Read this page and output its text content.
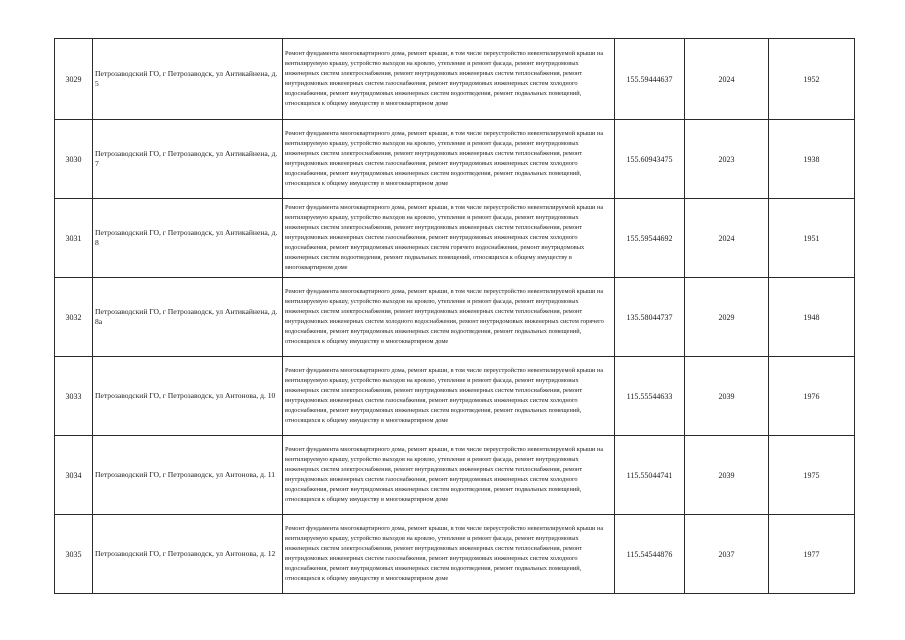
3029	Петрозаводский ГО, г Петрозаводск, ул Антикайнена, д. 5	Ремонт фундамента многоквартирного дома, ремонт крыши, в том числе переустройство невентилируемой крыши на вентилируемую крышу, устройство выходов на кровлю, утепление и ремонт фасада, ремонт внутридомовых инженерных систем электроснабжения, ремонт внутридомовых инженерных систем теплоснабжения, ремонт внутридомовых инженерных систем газоснабжения, ремонт внутридомовых инженерных систем холодного водоснабжения, ремонт внутридомовых инженерных систем водоотведения, ремонт подвальных помещений, относящихся к общему имуществу в многоквартирном доме	155.59444637	2024	1952
3030	Петрозаводский ГО, г Петрозаводск, ул Антикайнена, д. 7	Ремонт фундамента многоквартирного дома, ремонт крыши, в том числе переустройство невентилируемой крыши на вентилируемую крышу, устройство выходов на кровлю, утепление и ремонт фасада, ремонт внутридомовых инженерных систем электроснабжения, ремонт внутридомовых инженерных систем теплоснабжения, ремонт внутридомовых инженерных систем газоснабжения, ремонт внутридомовых инженерных систем холодного водоснабжения, ремонт внутридомовых инженерных систем водоотведения, ремонт подвальных помещений, относящихся к общему имуществу в многоквартирном доме	155.60943475	2023	1938
3031	Петрозаводский ГО, г Петрозаводск, ул Антикайнена, д. 8	Ремонт фундамента многоквартирного дома, ремонт крыши, в том числе переустройство невентилируемой крыши на вентилируемую крышу, устройство выходов на кровлю, утепление и ремонт фасада, ремонт внутридомовых инженерных систем электроснабжения, ремонт внутридомовых инженерных систем теплоснабжения, ремонт внутридомовых инженерных систем газоснабжения, ремонт внутридомовых инженерных систем холодного водоснабжения, ремонт внутридомовых инженерных систем горячего водоснабжения, ремонт внутридомовых инженерных систем водоотведения, ремонт подвальных помещений, относящихся к общему имуществу в многоквартирном доме	155.59544692	2024	1951
3032	Петрозаводский ГО, г Петрозаводск, ул Антикайнена, д. 8а	Ремонт фундамента многоквартирного дома, ремонт крыши, в том числе переустройство невентилируемой крыши на вентилируемую крышу, устройство выходов на кровлю, утепление и ремонт фасада, ремонт внутридомовых инженерных систем электроснабжения, ремонт внутридомовых инженерных систем теплоснабжения, ремонт внутридомовых инженерных систем холодного водоснабжения, ремонт внутридомовых инженерных систем горячего водоснабжения, ремонт внутридомовых инженерных систем водоотведения, ремонт подвальных помещений, относящихся к общему имуществу в многоквартирном доме	135.58044737	2029	1948
3033	Петрозаводский ГО, г Петрозаводск, ул Антонова, д. 10	Ремонт фундамента многоквартирного дома, ремонт крыши, в том числе переустройство невентилируемой крыши на вентилируемую крышу, устройство выходов на кровлю, утепление и ремонт фасада, ремонт внутридомовых инженерных систем электроснабжения, ремонт внутридомовых инженерных систем теплоснабжения, ремонт внутридомовых инженерных систем газоснабжения, ремонт внутридомовых инженерных систем холодного водоснабжения, ремонт внутридомовых инженерных систем водоотведения, ремонт подвальных помещений, относящихся к общему имуществу в многоквартирном доме	115.55544633	2039	1976
3034	Петрозаводский ГО, г Петрозаводск, ул Антонова, д. 11	Ремонт фундамента многоквартирного дома, ремонт крыши, в том числе переустройство невентилируемой крыши на вентилируемую крышу, устройство выходов на кровлю, утепление и ремонт фасада, ремонт внутридомовых инженерных систем электроснабжения, ремонт внутридомовых инженерных систем теплоснабжения, ремонт внутридомовых инженерных систем газоснабжения, ремонт внутридомовых инженерных систем холодного водоснабжения, ремонт внутридомовых инженерных систем водоотведения, ремонт подвальных помещений, относящихся к общему имуществу в многоквартирном доме	115.55044741	2039	1975
3035	Петрозаводский ГО, г Петрозаводск, ул Антонова, д. 12	Ремонт фундамента многоквартирного дома, ремонт крыши, в том числе переустройство невентилируемой крыши на вентилируемую крышу, устройство выходов на кровлю, утепление и ремонт фасада, ремонт внутридомовых инженерных систем электроснабжения, ремонт внутридомовых инженерных систем теплоснабжения, ремонт внутридомовых инженерных систем газоснабжения, ремонт внутридомовых инженерных систем холодного водоснабжения, ремонт внутридомовых инженерных систем водоотведения, ремонт подвальных помещений, относящихся к общему имуществу в многоквартирном доме	115.54544876	2037	1977
